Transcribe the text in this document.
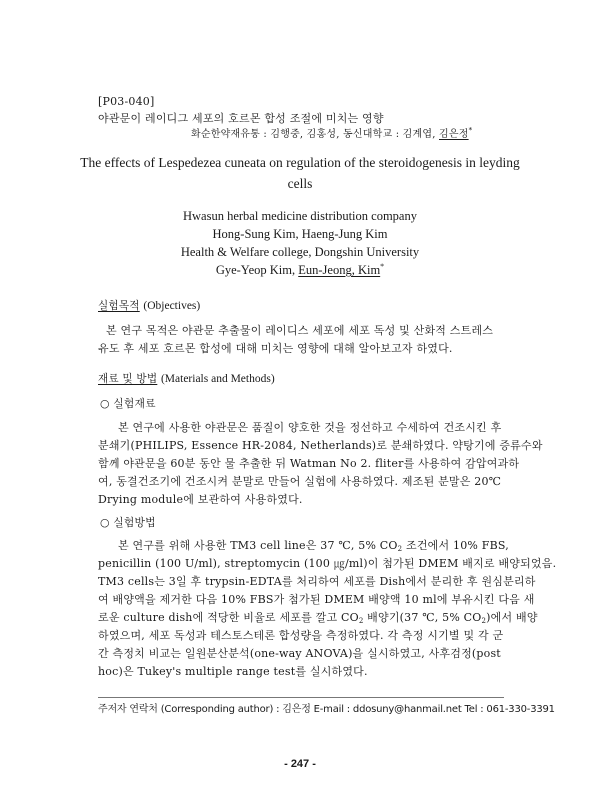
[P03-040]
야관문이 레이디그 세포의 호르몬 합성 조절에 미치는 영향
화순한약재유통 : 김행중, 김홍성, 동신대학교 : 김계엽, 김은정*
The effects of Lespedezea cuneata on regulation of the steroidogenesis in leyding
cells
Hwasun herbal medicine distribution company
Hong-Sung Kim, Haeng-Jung Kim
Health & Welfare college, Dongshin University
Gye-Yeop Kim, Eun-Jeong, Kim*
실험목적 (Objectives)
본 연구 목적은 야관문 추출물이 레이디스 세포에 세포 독성 및 산화적 스트레스
유도 후 세포 호르몬 합성에 대해 미치는 영향에 대해 알아보고자 하였다.
재료 및 방법 (Materials and Methods)
○ 실험재료
본 연구에 사용한 야관문은 품질이 양호한 것을 정선하고 수세하여 건조시킨 후
분쇄기(PHILIPS, Essence HR-2084, Netherlands)로 분쇄하였다. 약탕기에 증류수와
함께 야관문을 60분 동안 물 추출한 뒤 Watman No 2. fliter를 사용하여 감압여과하
여, 동결건조기에 건조시켜 분말로 만들어 실험에 사용하였다. 제조된 분말은 20℃
Drying module에 보관하여 사용하였다.
○ 실험방법
본 연구를 위해 사용한 TM3 cell line은 37 ℃, 5% $CO_2$ 조건에서 10% FBS,
penicillin (100 U/ml), streptomycin (100 ㎍/ml)이 첨가된 DMEM 배지로 배양되었음.
TM3 cells는 3일 후 trypsin-EDTA를 처리하여 세포를 Dish에서 분리한 후 원심분리하
여 배양액을 제거한 다음 10% FBS가 첨가된 DMEM 배양액 10 ml에 부유시킨 다음 새
로운 culture dish에 적당한 비율로 세포를 깔고 $CO_2$ 배양기(37 ℃, 5% $CO_2$)에서 배양
하였으며, 세포 독성과 테스토스테론 합성량을 측정하였다. 각 측정 시기별 및 각 군
간 측정치 비교는 일원분산분석(one-way ANOVA)을 실시하였고, 사후검정(post
hoc)은 Tukey's multiple range test를 실시하였다.
주저자 연락처 (Corresponding author) : 김은정 E-mail : ddosuny@hanmail.net Tel : 061-330-3391
- 247 -
